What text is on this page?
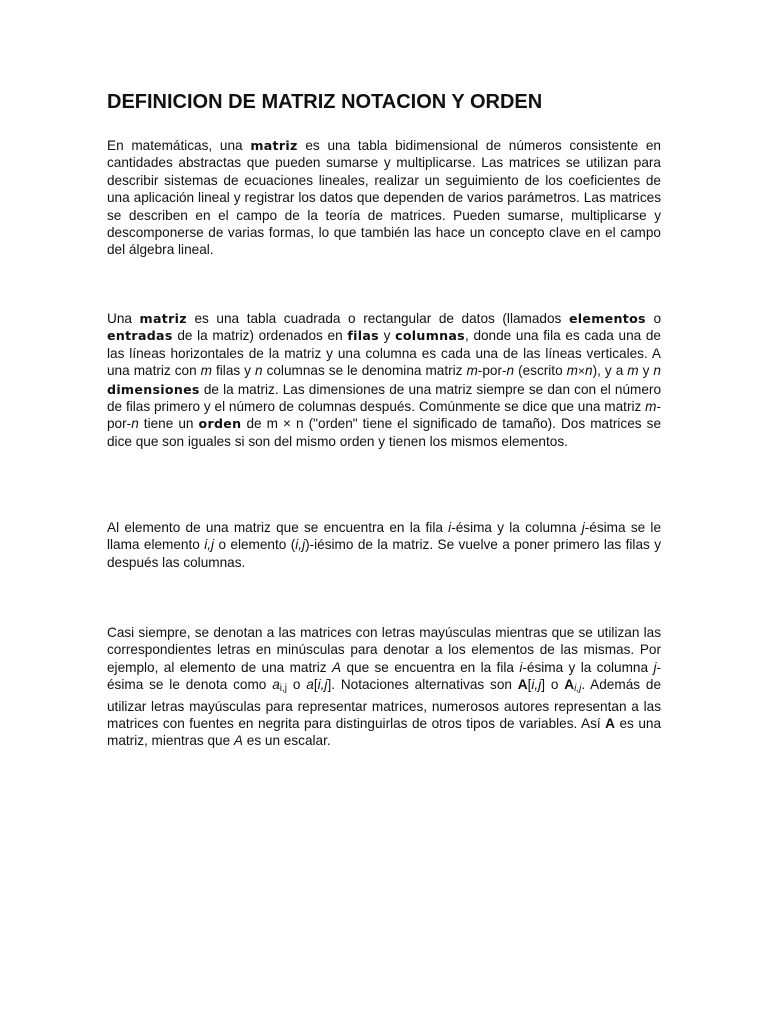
DEFINICION DE MATRIZ NOTACION Y ORDEN

En matemáticas, una matriz es una tabla bidimensional de números consistente en cantidades abstractas que pueden sumarse y multiplicarse. Las matrices se utilizan para describir sistemas de ecuaciones lineales, realizar un seguimiento de los coeficientes de una aplicación lineal y registrar los datos que dependen de varios parámetros. Las matrices se describen en el campo de la teoría de matrices. Pueden sumarse, multiplicarse y descomponerse de varias formas, lo que también las hace un concepto clave en el campo del álgebra lineal.

Una matriz es una tabla cuadrada o rectangular de datos (llamados elementos o entradas de la matriz) ordenados en filas y columnas, donde una fila es cada una de las líneas horizontales de la matriz y una columna es cada una de las líneas verticales. A una matriz con m filas y n columnas se le denomina matriz m-por-n (escrito m×n), y a m y n dimensiones de la matriz. Las dimensiones de una matriz siempre se dan con el número de filas primero y el número de columnas después. Comúnmente se dice que una matriz m-por-n tiene un orden de m × n ("orden" tiene el significado de tamaño). Dos matrices se dice que son iguales si son del mismo orden y tienen los mismos elementos.

Al elemento de una matriz que se encuentra en la fila i-ésima y la columna j-ésima se le llama elemento i,j o elemento (i,j)-iésimo de la matriz. Se vuelve a poner primero las filas y después las columnas.

Casi siempre, se denotan a las matrices con letras mayúsculas mientras que se utilizan las correspondientes letras en minúsculas para denotar a los elementos de las mismas. Por ejemplo, al elemento de una matriz A que se encuentra en la fila i-ésima y la columna j-ésima se le denota como $a_{i,j}$ o a[i,j]. Notaciones alternativas son A[i,j] o $A_{i,j}$. Además de utilizar letras mayúsculas para representar matrices, numerosos autores representan a las matrices con fuentes en negrita para distinguirlas de otros tipos de variables. Así A es una matriz, mientras que A es un escalar.
